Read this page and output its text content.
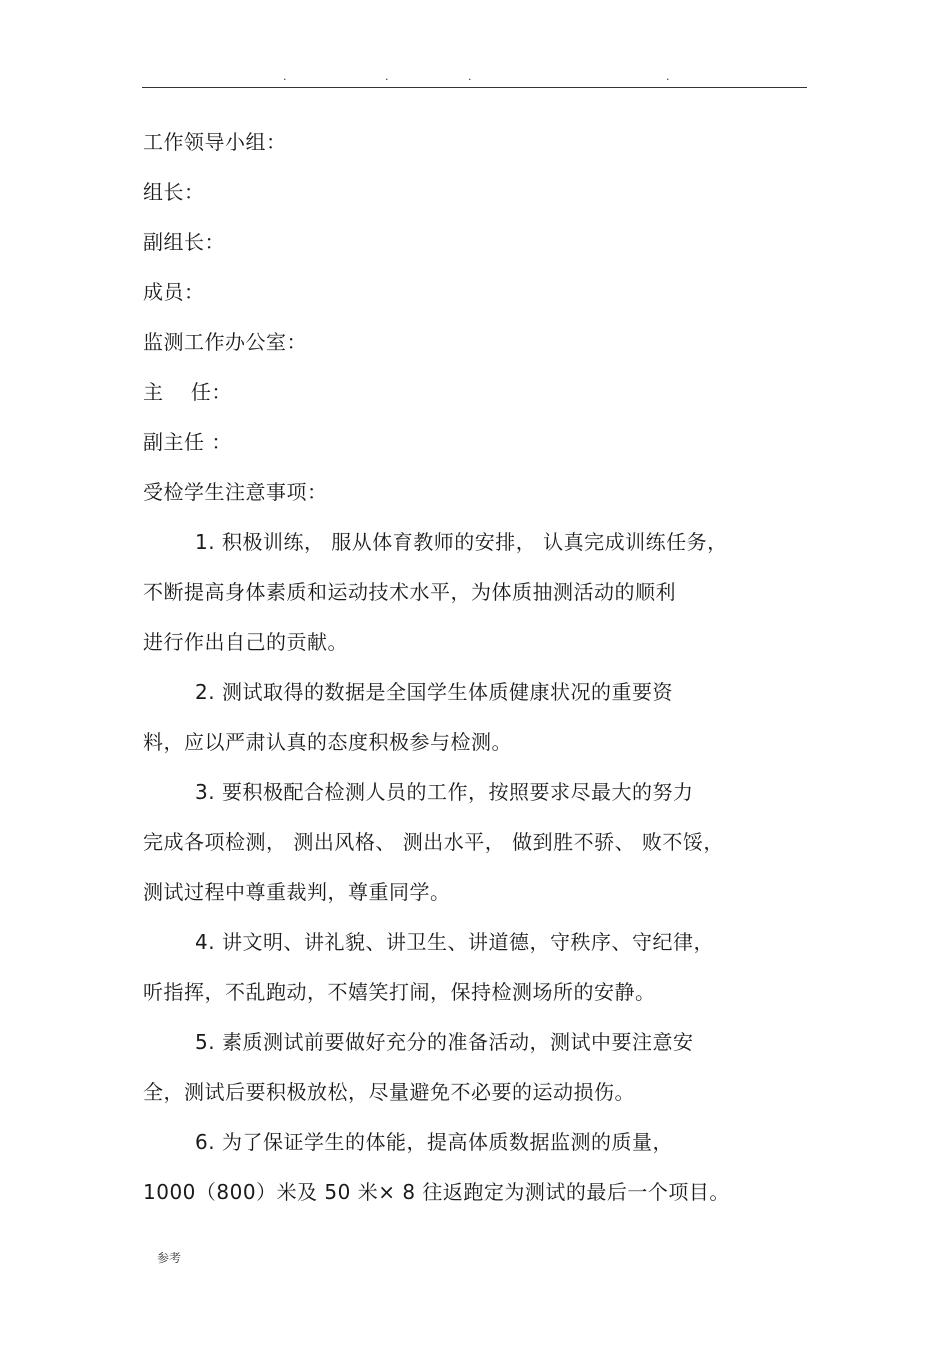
.	.	.	.
工作领导小组：
组长：
副组长：
成员：
监测工作办公室：
主　 任：
副主任 ：
受检学生注意事项：
1. 积极训练， 服从体育教师的安排， 认真完成训练任务，
不断提高身体素质和运动技术水平，为体质抽测活动的顺利
进行作出自己的贡献。
2. 测试取得的数据是全国学生体质健康状况的重要资
料，应以严肃认真的态度积极参与检测。
3. 要积极配合检测人员的工作，按照要求尽最大的努力
完成各项检测， 测出风格、 测出水平， 做到胜不骄、 败不馁，
测试过程中尊重裁判，尊重同学。
4. 讲文明、讲礼貌、讲卫生、讲道德，守秩序、守纪律，
听指挥，不乱跑动，不嬉笑打闹，保持检测场所的安静。
5. 素质测试前要做好充分的准备活动，测试中要注意安
全，测试后要积极放松，尽量避免不必要的运动损伤。
6. 为了保证学生的体能，提高体质数据监测的质量，
1000（800）米及 50 米× 8 往返跑定为测试的最后一个项目。
参考
